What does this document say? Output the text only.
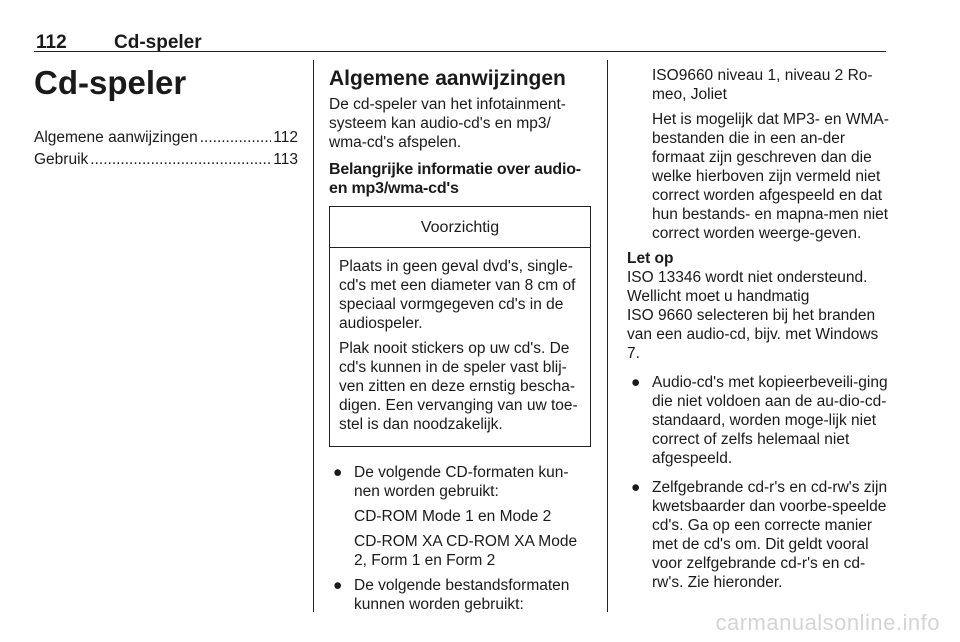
112 Cd-speler
Cd-speler
Algemene aanwijzingen .....	112
Gebruik .....	113
Algemene aanwijzingen

De cd-speler van het infotainment-systeem kan audio-cd's en mp3/ wma-cd's afspelen.

Belangrijke informatie over audio- en mp3/wma-cd's
Voorzichtig

Plaats in geen geval dvd's, single-cd's met een diameter van 8 cm of speciaal vormgegeven cd's in de audiospeler.

Plak nooit stickers op uw cd's. De cd's kunnen in de speler vast blij-ven zitten en deze ernstig bescha-digen. Een vervanging van uw toe-stel is dan noodzakelijk.

● De volgende CD-formaten kun-nen worden gebruikt:

CD-ROM Mode 1 en Mode 2

CD-ROM XA CD-ROM XA Mode 2, Form 1 en Form 2

● De volgende bestandsformaten kunnen worden gebruikt:

ISO9660 niveau 1, niveau 2 Ro-meo, Joliet

Het is mogelijk dat MP3- en WMA-bestanden die in een an-der formaat zijn geschreven dan die welke hierboven zijn vermeld niet correct worden afgespeeld en dat hun bestands- en mapna-men niet correct worden weerge-geven.

Let op

ISO 13346 wordt niet ondersteund.

Wellicht moet u handmatig

ISO 9660 selecteren bij het branden van een audio-cd, bijv. met Windows 7.

● Audio-cd's met kopieerbeveili-ging die niet voldoen aan de au-dio-cd-standaard, worden moge-lijk niet correct of zelfs helemaal niet afgespeeld.

● Zelfgebrande cd-r's en cd-rw's zijn kwetsbaarder dan voorbe-speelde cd's. Ga op een correcte manier met de cd's om. Dit geldt vooral voor zelfgebrande cd-r's en cd-rw's. Zie hieronder.

carmanualsonline.info
